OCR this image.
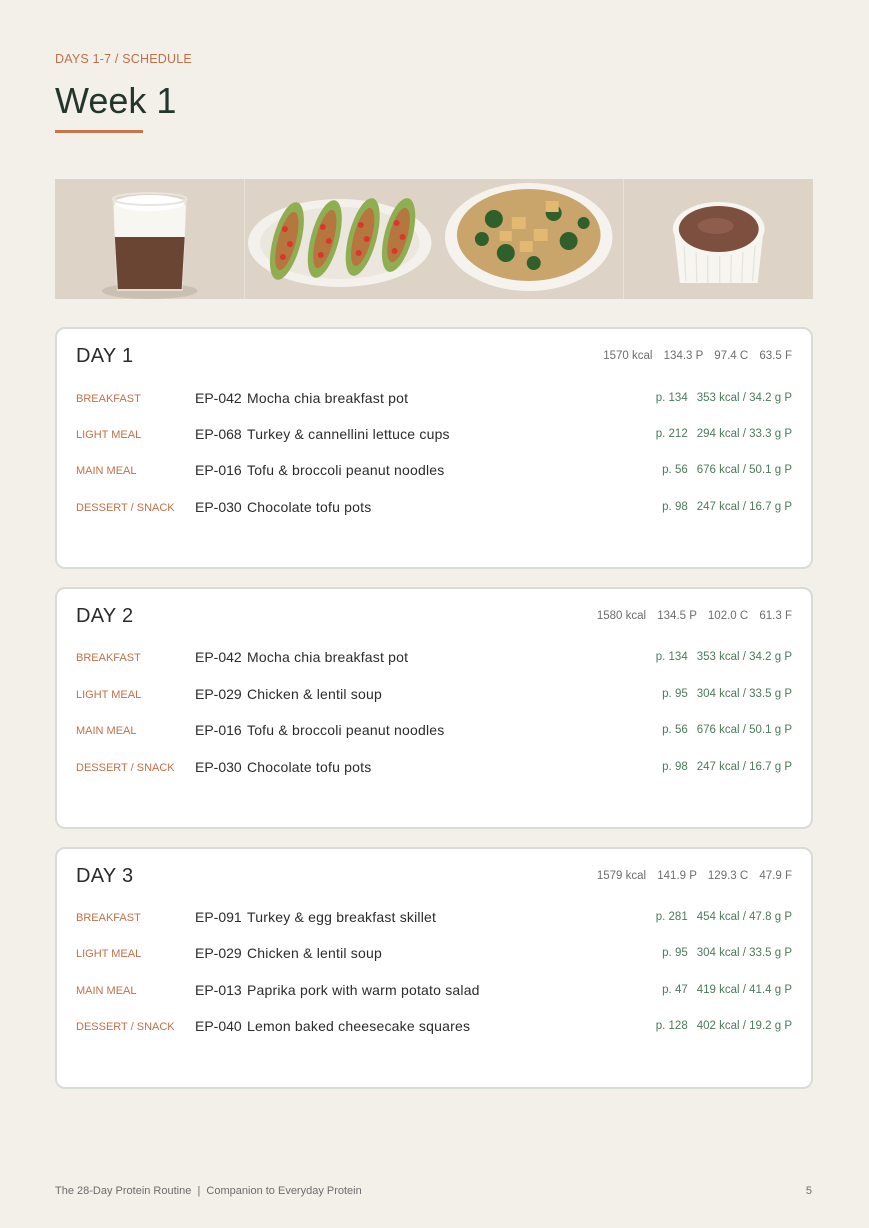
DAYS 1-7 / SCHEDULE
Week 1
DAY 1	1570 kcal 134.3 P 97.4 C 63.5 F
BREAKFAST	EP-042 Mocha chia breakfast pot	p. 134 353 kcal / 34.2 g P
LIGHT MEAL	EP-068 Turkey & cannellini lettuce cups	p. 212 294 kcal / 33.3 g P
MAIN MEAL	EP-016 Tofu & broccoli peanut noodles	p. 56 676 kcal / 50.1 g P
DESSERT / SNACK EP-030 Chocolate tofu pots	p. 98 247 kcal / 16.7 g P
DAY 2	1580 kcal 134.5 P 102.0 C 61.3 F
BREAKFAST	EP-042 Mocha chia breakfast pot	p. 134 353 kcal / 34.2 g P
LIGHT MEAL	EP-029 Chicken & lentil soup	p. 95 304 kcal / 33.5 g P
MAIN MEAL	EP-016 Tofu & broccoli peanut noodles	p. 56 676 kcal / 50.1 g P
DESSERT / SNACK EP-030 Chocolate tofu pots	p. 98 247 kcal / 16.7 g P
DAY 3	1579 kcal 141.9 P 129.3 C 47.9 F
BREAKFAST	EP-091 Turkey & egg breakfast skillet	p. 281 454 kcal / 47.8 g P
LIGHT MEAL	EP-029 Chicken & lentil soup	p. 95 304 kcal / 33.5 g P
MAIN MEAL	EP-013 Paprika pork with warm potato salad	p. 47 419 kcal / 41.4 g P
DESSERT / SNACK EP-040 Lemon baked cheesecake squares	p. 128 402 kcal / 19.2 g P
The 28-Day Protein Routine  |  Companion to Everyday Protein	5
